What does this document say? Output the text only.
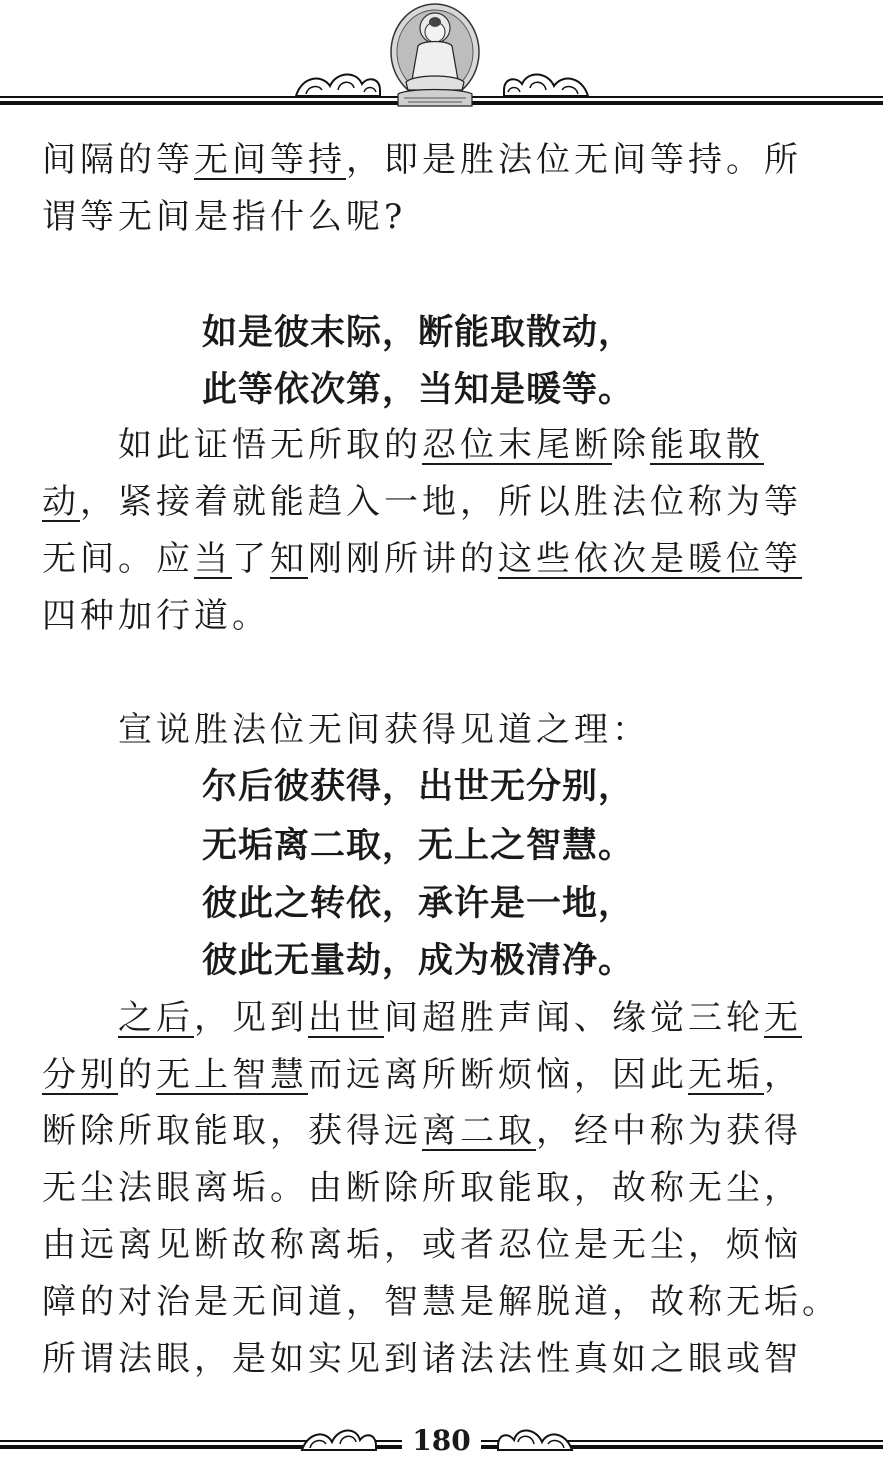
间隔的等无间等持，即是胜法位无间等持。所
谓等无间是指什么呢?
如是彼末际，断能取散动，
此等依次第，当知是暖等。
　　如此证悟无所取的忍位末尾断除能取散
动，紧接着就能趋入一地，所以胜法位称为等
无间。应当了知刚刚所讲的这些依次是暖位等
四种加行道。
　　宣说胜法位无间获得见道之理：
尔后彼获得，出世无分别，
无垢离二取，无上之智慧。
彼此之转依，承许是一地，
彼此无量劫，成为极清净。
　　之后，见到出世间超胜声闻、缘觉三轮无
分别的无上智慧而远离所断烦恼，因此无垢，
断除所取能取，获得远离二取，经中称为获得
无尘法眼离垢。由断除所取能取，故称无尘，
由远离见断故称离垢，或者忍位是无尘，烦恼
障的对治是无间道，智慧是解脱道，故称无垢。
所谓法眼，是如实见到诸法法性真如之眼或智
180
